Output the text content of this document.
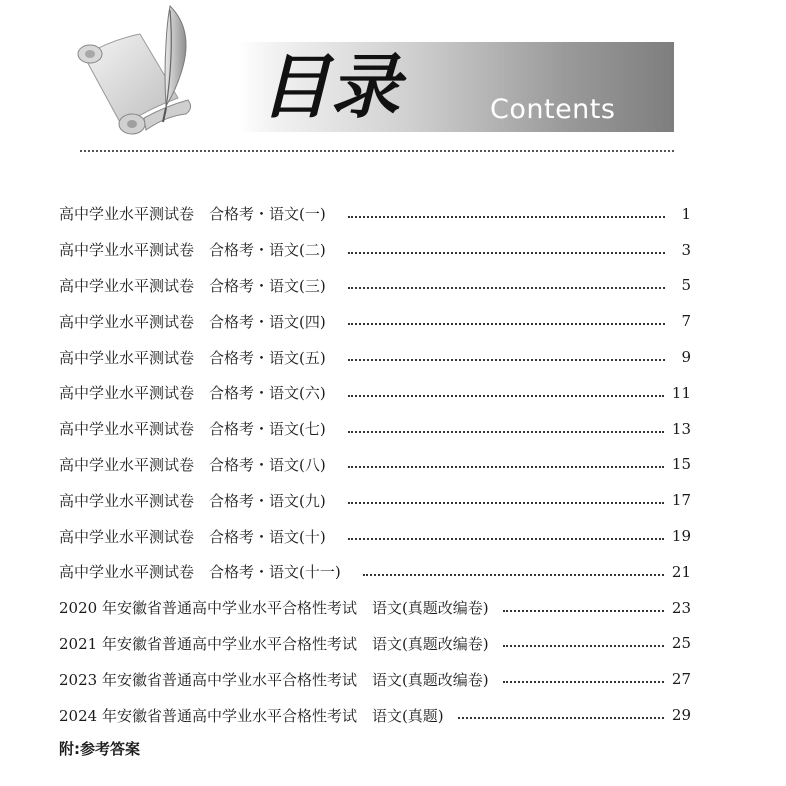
目录	Contents
高中学业水平测试卷　合格考・语文(一)	1
高中学业水平测试卷　合格考・语文(二)	3
高中学业水平测试卷　合格考・语文(三)	5
高中学业水平测试卷　合格考・语文(四)	7
高中学业水平测试卷　合格考・语文(五)	9
高中学业水平测试卷　合格考・语文(六)	11
高中学业水平测试卷　合格考・语文(七)	13
高中学业水平测试卷　合格考・语文(八)	15
高中学业水平测试卷　合格考・语文(九)	17
高中学业水平测试卷　合格考・语文(十)	19
高中学业水平测试卷　合格考・语文(十一)	21
2020 年安徽省普通高中学业水平合格性考试　语文(真题改编卷)	23
2021 年安徽省普通高中学业水平合格性考试　语文(真题改编卷)	25
2023 年安徽省普通高中学业水平合格性考试　语文(真题改编卷)	27
2024 年安徽省普通高中学业水平合格性考试　语文(真题)	29
附:参考答案
